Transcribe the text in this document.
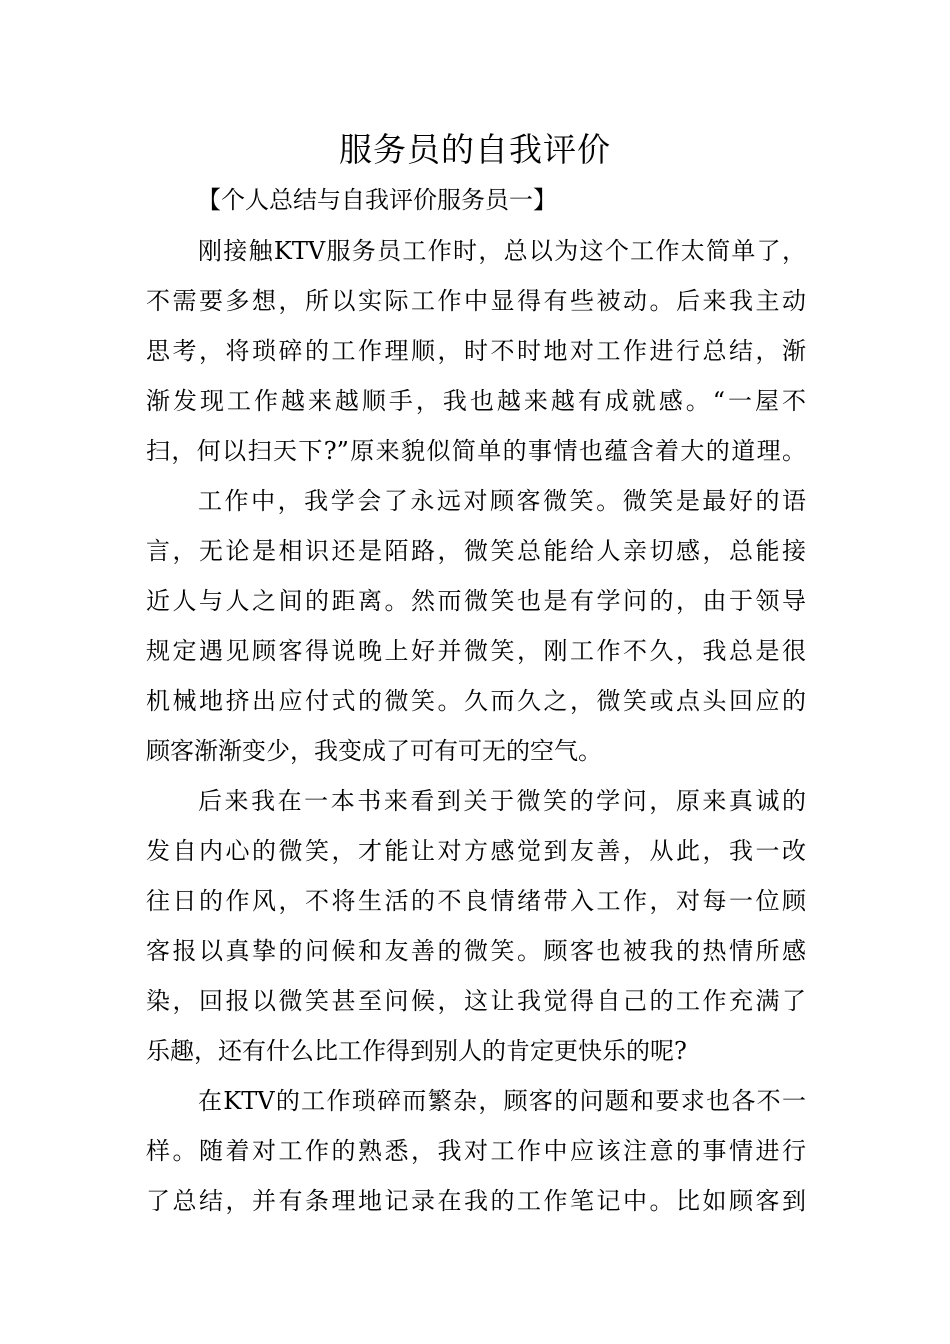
服务员的自我评价
【个人总结与自我评价服务员一】
刚接触KTV服务员工作时，总以为这个工作太简单了，
不需要多想，所以实际工作中显得有些被动。后来我主动
思考，将琐碎的工作理顺，时不时地对工作进行总结，渐
渐发现工作越来越顺手，我也越来越有成就感。“一屋不
扫，何以扫天下?”原来貌似简单的事情也蕴含着大的道理。
工作中，我学会了永远对顾客微笑。微笑是最好的语
言，无论是相识还是陌路，微笑总能给人亲切感，总能接
近人与人之间的距离。然而微笑也是有学问的，由于领导
规定遇见顾客得说晚上好并微笑，刚工作不久，我总是很
机械地挤出应付式的微笑。久而久之，微笑或点头回应的
顾客渐渐变少，我变成了可有可无的空气。
后来我在一本书来看到关于微笑的学问，原来真诚的
发自内心的微笑，才能让对方感觉到友善，从此，我一改
往日的作风，不将生活的不良情绪带入工作，对每一位顾
客报以真挚的问候和友善的微笑。顾客也被我的热情所感
染，回报以微笑甚至问候，这让我觉得自己的工作充满了
乐趣，还有什么比工作得到别人的肯定更快乐的呢?
在KTV的工作琐碎而繁杂，顾客的问题和要求也各不一
样。随着对工作的熟悉，我对工作中应该注意的事情进行
了总结，并有条理地记录在我的工作笔记中。比如顾客到
